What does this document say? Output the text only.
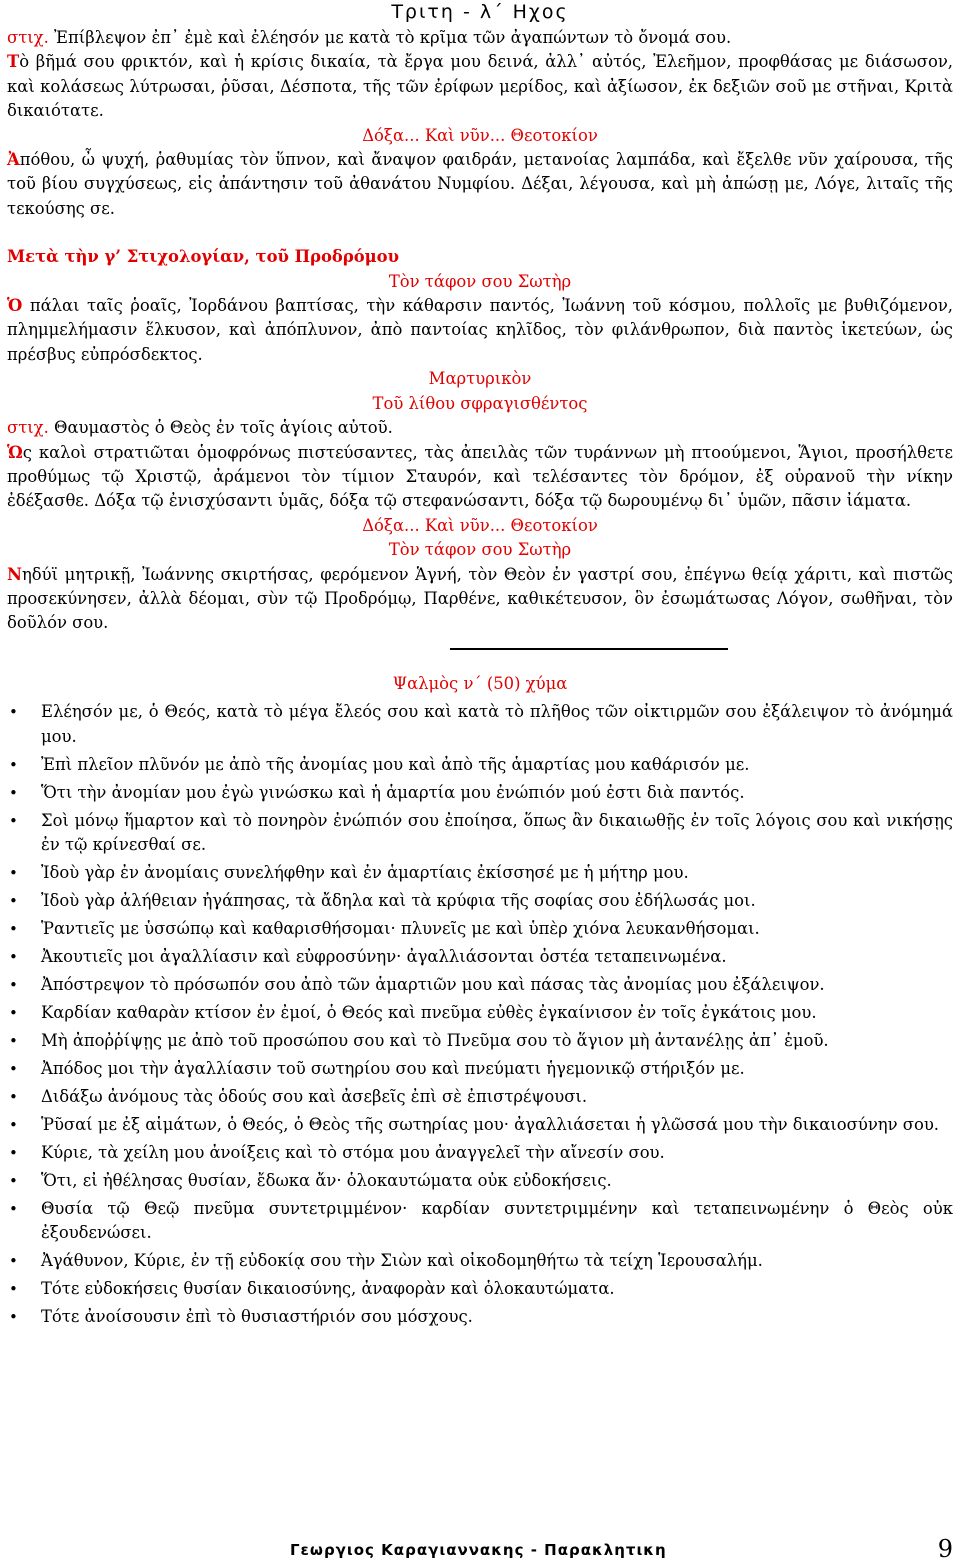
Τριτη - λ΄ Ηχος

στιχ. Ἐπίβλεψον ἐπ᾿ ἐμὲ καὶ ἐλέησόν με κατὰ τὸ κρῖμα τῶν ἀγαπώντων τὸ ὄνομά σου.

Τὸ βῆμά σου φρικτόν, καὶ ἡ κρίσις δικαία, τὰ ἔργα μου δεινά, ἀλλ᾿ αὐτός, Ἐλεῆμον, προφθάσας με διάσωσον, καὶ κολάσεως λύτρωσαι, ῥῦσαι, Δέσποτα, τῆς τῶν ἐρίφων μερίδος, καὶ ἀξίωσον, ἐκ δεξιῶν σοῦ με στῆναι, Κριτὰ δικαιότατε.

Δόξα... Καὶ νῦν... Θεοτοκίον

Ἀπόθου, ὦ ψυχή, ῥαθυμίας τὸν ὕπνον, καὶ ἄναψον φαιδράν, μετανοίας λαμπάδα, καὶ ἔξελθε νῦν χαίρουσα, τῆς τοῦ βίου συγχύσεως, εἰς ἀπάντησιν τοῦ ἀθανάτου Νυμφίου. Δέξαι, λέγουσα, καὶ μὴ ἀπώσῃ με, Λόγε, λιταῖς τῆς τεκούσης σε.

Μετὰ τὴν γ’ Στιχολογίαν, τοῦ Προδρόμου

Τὸν τάφον σου Σωτὴρ

Ὁ πάλαι ταῖς ῥοαῖς, Ἰορδάνου βαπτίσας, τὴν κάθαρσιν παντός, Ἰωάννη τοῦ κόσμου, πολλοῖς με βυθιζόμενον, πλημμελήμασιν ἕλκυσον, καὶ ἀπόπλυνον, ἀπὸ παντοίας κηλῖδος, τὸν φιλάνθρωπον, διὰ παντὸς ἱκετεύων, ὡς πρέσβυς εὐπρόσδεκτος.

Μαρτυρικὸν

Τοῦ λίθου σφραγισθέντος

στιχ. Θαυμαστὸς ὁ Θεὸς ἐν τοῖς ἁγίοις αὐτοῦ.

Ὡς καλοὶ στρατιῶται ὁμοφρόνως πιστεύσαντες, τὰς ἀπειλὰς τῶν τυράννων μὴ πτοούμενοι, Ἅγιοι, προσήλθετε προθύμως τῷ Χριστῷ, ἀράμενοι τὸν τίμιον Σταυρόν, καὶ τελέσαντες τὸν δρόμον, ἐξ οὐρανοῦ τὴν νίκην ἐδέξασθε. Δόξα τῷ ἐνισχύσαντι ὑμᾶς, δόξα τῷ στεφανώσαντι, δόξα τῷ δωρουμένῳ δι᾿ ὑμῶν, πᾶσιν ἰάματα.

Δόξα... Καὶ νῦν... Θεοτοκίον

Τὸν τάφον σου Σωτὴρ

Νηδύϊ μητρικῇ, Ἰωάννης σκιρτήσας, φερόμενον Ἁγνή, τὸν Θεὸν ἐν γαστρί σου, ἐπέγνω θείᾳ χάριτι, καὶ πιστῶς προσεκύνησεν, ἀλλὰ δέομαι, σὺν τῷ Προδρόμῳ, Παρθένε, καθικέτευσον, ὃν ἐσωμάτωσας Λόγον, σωθῆναι, τὸν δοῦλόν σου.

Ψαλμὸς ν΄ (50) χύμα

• Ελέησόν με, ὁ Θεός, κατὰ τὸ μέγα ἔλεός σου καὶ κατὰ τὸ πλῆθος τῶν οἰκτιρμῶν σου ἐξάλειψον τὸ ἀνόμημά μου.
• Ἐπὶ πλεῖον πλῦνόν με ἀπὸ τῆς ἀνομίας μου καὶ ἀπὸ τῆς ἁμαρτίας μου καθάρισόν με.
• Ὅτι τὴν ἀνομίαν μου ἐγὼ γινώσκω καὶ ἡ ἁμαρτία μου ἐνώπιόν μού ἐστι διὰ παντός.
• Σοὶ μόνῳ ἥμαρτον καὶ τὸ πονηρὸν ἐνώπιόν σου ἐποίησα, ὅπως ἂν δικαιωθῇς ἐν τοῖς λόγοις σου καὶ νικήσῃς ἐν τῷ κρίνεσθαί σε.
• Ἰδοὺ γὰρ ἐν ἀνομίαις συνελήφθην καὶ ἐν ἁμαρτίαις ἐκίσσησέ με ἡ μήτηρ μου.
• Ἰδοὺ γὰρ ἀλήθειαν ἠγάπησας, τὰ ἄδηλα καὶ τὰ κρύφια τῆς σοφίας σου ἐδήλωσάς μοι.
• Ῥαντιεῖς με ὑσσώπῳ καὶ καθαρισθήσομαι· πλυνεῖς με καὶ ὑπὲρ χιόνα λευκανθήσομαι.
• Ἀκουτιεῖς μοι ἀγαλλίασιν καὶ εὐφροσύνην· ἀγαλλιάσονται ὀστέα τεταπεινωμένα.
• Ἀπόστρεψον τὸ πρόσωπόν σου ἀπὸ τῶν ἁμαρτιῶν μου καὶ πάσας τὰς ἀνομίας μου ἐξάλειψον.
• Καρδίαν καθαρὰν κτίσον ἐν ἐμοί, ὁ Θεός καὶ πνεῦμα εὐθὲς ἐγκαίνισον ἐν τοῖς ἐγκάτοις μου.
• Μὴ ἀποῤῥίψῃς με ἀπὸ τοῦ προσώπου σου καὶ τὸ Πνεῦμα σου τὸ ἅγιον μὴ ἀντανέλῃς ἀπ᾿ ἐμοῦ.
• Ἀπόδος μοι τὴν ἀγαλλίασιν τοῦ σωτηρίου σου καὶ πνεύματι ἡγεμονικῷ στήριξόν με.
• Διδάξω ἀνόμους τὰς ὁδούς σου καὶ ἀσεβεῖς ἐπὶ σὲ ἐπιστρέψουσι.
• Ῥῦσαί με ἐξ αἱμάτων, ὁ Θεός, ὁ Θεὸς τῆς σωτηρίας μου· ἀγαλλιάσεται ἡ γλῶσσά μου τὴν δικαιοσύνην σου.
• Κύριε, τὰ χείλη μου ἀνοίξεις καὶ τὸ στόμα μου ἀναγγελεῖ τὴν αἴνεσίν σου.
• Ὅτι, εἰ ἠθέλησας θυσίαν, ἔδωκα ἄν· ὁλοκαυτώματα οὐκ εὐδοκήσεις.
• Θυσία τῷ Θεῷ πνεῦμα συντετριμμένον· καρδίαν συντετριμμένην καὶ τεταπεινωμένην ὁ Θεὸς οὐκ ἐξουδενώσει.
• Ἀγάθυνον, Κύριε, ἐν τῇ εὐδοκίᾳ σου τὴν Σιὼν καὶ οἰκοδομηθήτω τὰ τείχη Ἱερουσαλήμ.
• Τότε εὐδοκήσεις θυσίαν δικαιοσύνης, ἀναφορὰν καὶ ὁλοκαυτώματα.
• Τότε ἀνοίσουσιν ἐπὶ τὸ θυσιαστήριόν σου μόσχους.
Γεωργιος Καραγιαννακης - Παρακλητικη	9
